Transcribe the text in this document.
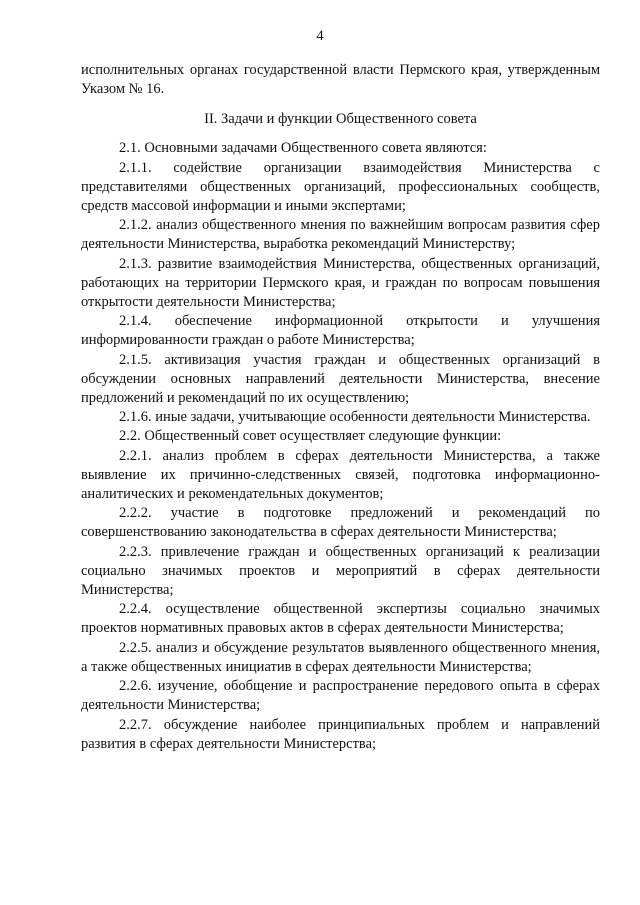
4

исполнительных органах государственной власти Пермского края, утвержденным Указом № 16.

II. Задачи и функции Общественного совета

2.1. Основными задачами Общественного совета являются:

2.1.1. содействие организации взаимодействия Министерства с представителями общественных организаций, профессиональных сообществ, средств массовой информации и иными экспертами;

2.1.2. анализ общественного мнения по важнейшим вопросам развития сфер деятельности Министерства, выработка рекомендаций Министерству;

2.1.3. развитие взаимодействия Министерства, общественных организаций, работающих на территории Пермского края, и граждан по вопросам повышения открытости деятельности Министерства;

2.1.4. обеспечение информационной открытости и улучшения информированности граждан о работе Министерства;

2.1.5. активизация участия граждан и общественных организаций в обсуждении основных направлений деятельности Министерства, внесение предложений и рекомендаций по их осуществлению;

2.1.6. иные задачи, учитывающие особенности деятельности Министерства.

2.2. Общественный совет осуществляет следующие функции:

2.2.1. анализ проблем в сферах деятельности Министерства, а также выявление их причинно-следственных связей, подготовка информационно-аналитических и рекомендательных документов;

2.2.2. участие в подготовке предложений и рекомендаций по совершенствованию законодательства в сферах деятельности Министерства;

2.2.3. привлечение граждан и общественных организаций к реализации социально значимых проектов и мероприятий в сферах деятельности Министерства;

2.2.4. осуществление общественной экспертизы социально значимых проектов нормативных правовых актов в сферах деятельности Министерства;

2.2.5. анализ и обсуждение результатов выявленного общественного мнения, а также общественных инициатив в сферах деятельности Министерства;

2.2.6. изучение, обобщение и распространение передового опыта в сферах деятельности Министерства;

2.2.7. обсуждение наиболее принципиальных проблем и направлений развития в сферах деятельности Министерства;
